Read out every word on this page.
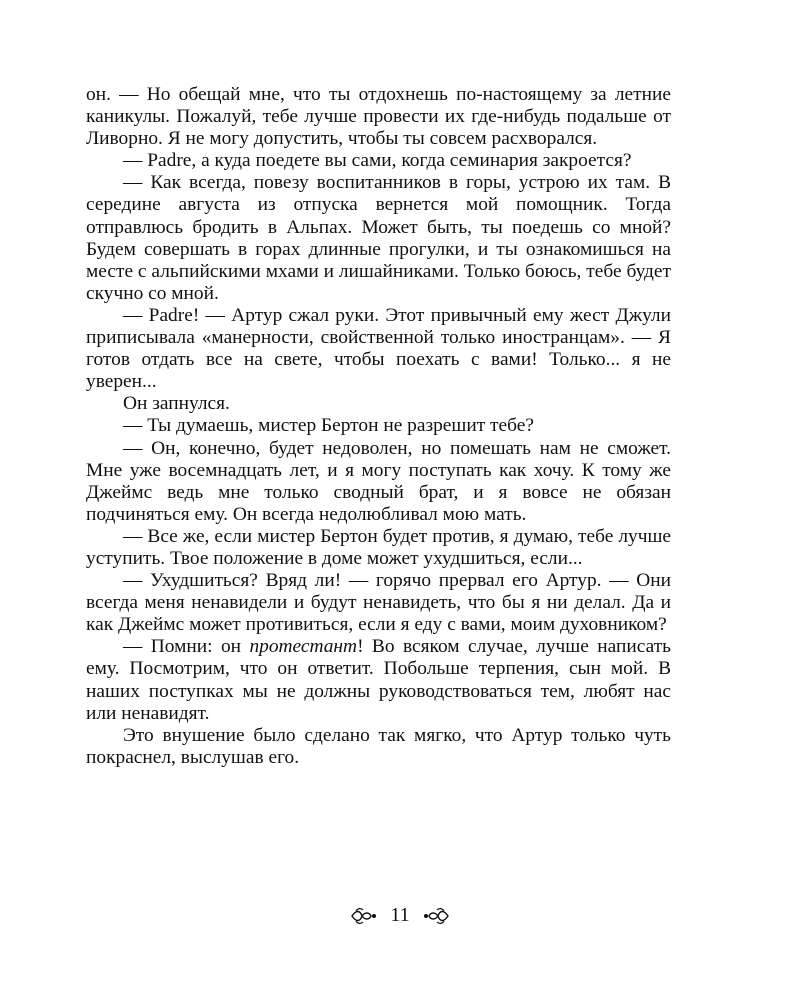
он. — Но обещай мне, что ты отдохнешь по-настоящему за летние каникулы. Пожалуй, тебе лучше провести их где-нибудь подальше от Ливорно. Я не могу допустить, чтобы ты совсем расхворался.

— Padre, а куда поедете вы сами, когда семинария закроется?

— Как всегда, повезу воспитанников в горы, устрою их там. В середине августа из отпуска вернется мой помощник. Тогда отправлюсь бродить в Альпах. Может быть, ты поедешь со мной? Будем совершать в горах длинные прогулки, и ты ознакомишься на месте с альпийскими мхами и лишайниками. Только боюсь, тебе будет скучно со мной.

— Padre! — Артур сжал руки. Этот привычный ему жест Джули приписывала «манерности, свойственной только иностранцам». — Я готов отдать все на свете, чтобы поехать с вами! Только... я не уверен...

Он запнулся.

— Ты думаешь, мистер Бертон не разрешит тебе?

— Он, конечно, будет недоволен, но помешать нам не сможет. Мне уже восемнадцать лет, и я могу поступать как хочу. К тому же Джеймс ведь мне только сводный брат, и я вовсе не обязан подчиняться ему. Он всегда недолюбливал мою мать.

— Все же, если мистер Бертон будет против, я думаю, тебе лучше уступить. Твое положение в доме может ухудшиться, если...

— Ухудшиться? Вряд ли! — горячо прервал его Артур. — Они всегда меня ненавидели и будут ненавидеть, что бы я ни делал. Да и как Джеймс может противиться, если я еду с вами, моим духовником?

— Помни: он протестант! Во всяком случае, лучше написать ему. Посмотрим, что он ответит. Побольше терпения, сын мой. В наших поступках мы не должны руководствоваться тем, любят нас или ненавидят.

Это внушение было сделано так мягко, что Артур только чуть покраснел, выслушав его.

11
